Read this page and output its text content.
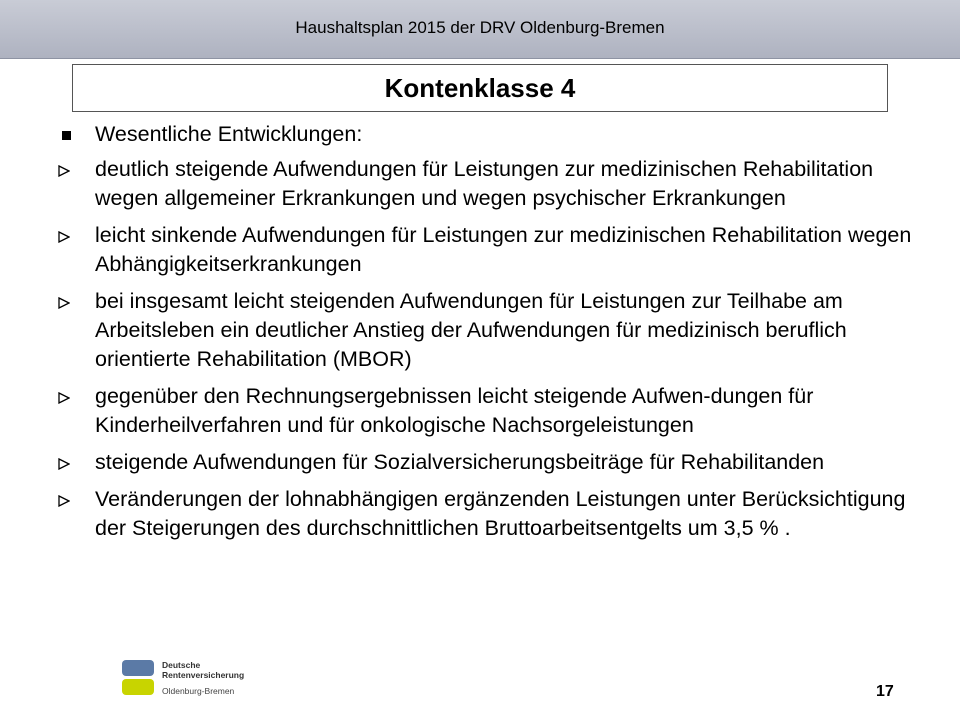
Haushaltsplan 2015 der DRV Oldenburg-Bremen
Kontenklasse 4
Wesentliche Entwicklungen:
deutlich steigende Aufwendungen für Leistungen zur medizinischen Rehabilitation wegen allgemeiner Erkrankungen und wegen psychischer Erkrankungen
leicht sinkende Aufwendungen für Leistungen zur medizinischen Rehabilitation wegen Abhängigkeitserkrankungen
bei insgesamt leicht steigenden Aufwendungen für Leistungen zur Teilhabe am Arbeitsleben ein deutlicher Anstieg der Aufwendungen für medizinisch beruflich orientierte Rehabilitation (MBOR)
gegenüber den Rechnungsergebnissen leicht steigende Aufwen-dungen für Kinderheilverfahren und für onkologische Nachsorgeleistungen
steigende Aufwendungen für Sozialversicherungsbeiträge für Rehabilitanden
Veränderungen der lohnabhängigen ergänzenden Leistungen unter Berücksichtigung der Steigerungen des durchschnittlichen Bruttoarbeitsentgelts um 3,5 % .
Deutsche
Rentenversicherung
Oldenburg-Bremen	17
